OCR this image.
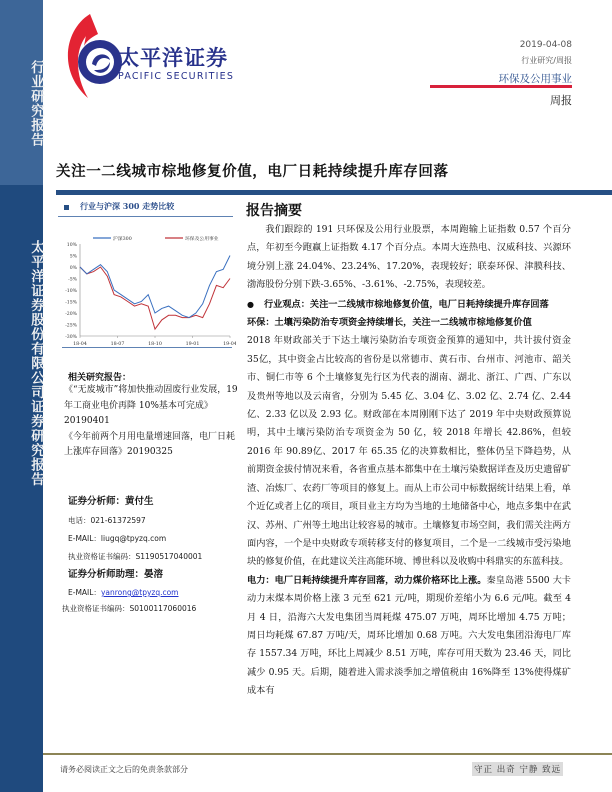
行业研究报告
太平洋证券股份有限公司证券研究报告
太平洋证券
PACIFIC SECURITIES
2019-04-08
行业研究/周报
环保及公用事业
周报
关注一二线城市棕地修复价值，电厂日耗持续提升库存回落
行业与沪深 300 走势比较
10%
5%
0%
-5%
-10%
-15%
-20%
-25%
-30%
18-04	18-07	18-10	19-01	19-04
沪深300	环保及公用事业
相关研究报告：
《“无废城市”将加快推动固废行业发展，19 年工商业电价再降 10%基本可完成》20190401
《今年前两个月用电量增速回落，电厂日耗上涨库存回落》20190325
证券分析师：黄付生
电话：021-61372597
E-MAIL：liugq@tpyzq.com
执业资格证书编码：S1190517040001
证券分析师助理：晏溶
E-MAIL：yanrong@tpyzq.com
执业资格证书编码：S0100117060016
报告摘要

我们跟踪的 191 只环保及公用行业股票，本周跑输上证指数 0.57 个百分点，年初至今跑赢上证指数 4.17 个百分点。本周大连热电、汉威科技、兴源环境分别上涨 24.04%、23.24%、17.20%，表现较好；联泰环保、津膜科技、渤海股份分别下跌-3.65%、-3.61%、-2.75%，表现较差。

● 行业观点：关注一二线城市棕地修复价值，电厂日耗持续提升库存回落

环保：土壤污染防治专项资金持续增长，关注一二线城市棕地修复价值

2018 年财政部关于下达土壤污染防治专项资金预算的通知中，共计拔付资金 35亿，其中资金占比较高的省份是以常德市、黄石市、台州市、河池市、韶关市、铜仁市等 6 个土壤修复先行区为代表的湖南、湖北、浙江、广西、广东以及贵州等地以及云南省，分别为 5.45 亿、3.04 亿、3.02 亿、2.74 亿、2.44 亿、2.33 亿以及 2.93 亿。财政部在本周刚刚下达了 2019 年中央财政预算说明，其中土壤污染防治专项资金为 50 亿，较 2018 年增长 42.86%，但较 2016 年 90.89亿、2017 年 65.35 亿的决算数相比，整体仍呈下降趋势，从前期资金拔付情况来看，各省重点基本都集中在土壤污染数据详查及历史遗留矿渣、冶炼厂、农药厂等项目的修复上。而从上市公司中标数据统计结果上看，单个近亿或者上亿的项目，项目业主方均为当地的土地储备中心，地点多集中在武汉、苏州、广州等土地出让较容易的城市。土壤修复市场空间，我们需关注两方面内容，一个是中央财政专项转移支付的修复项目，二个是一二线城市受污染地块的修复价值，在此建议关注高能环境、博世科以及收购中科鼎实的东蓝科技。

电力：电厂日耗持续提升库存回落，动力煤价格环比上涨。秦皇岛港 5500 大卡动力末煤本周价格上涨 3 元至 621 元/吨，期现价差缩小为 6.6 元/吨。截至 4 月 4 日，沿海六大发电集团当周耗煤 475.07 万吨，周环比增加 4.75 万吨；周日均耗煤 67.87 万吨/天，周环比增加 0.68 万吨。六大发电集团沿海电厂库存 1557.34 万吨，环比上周减少 8.51 万吨，库存可用天数为 23.46 天，同比减少 0.95 天。后期，随着进入需求淡季加之增值税由 16%降至 13%使得煤矿成本有

请务必阅读正文之后的免责条款部分	守正 出奇 宁静 致远
